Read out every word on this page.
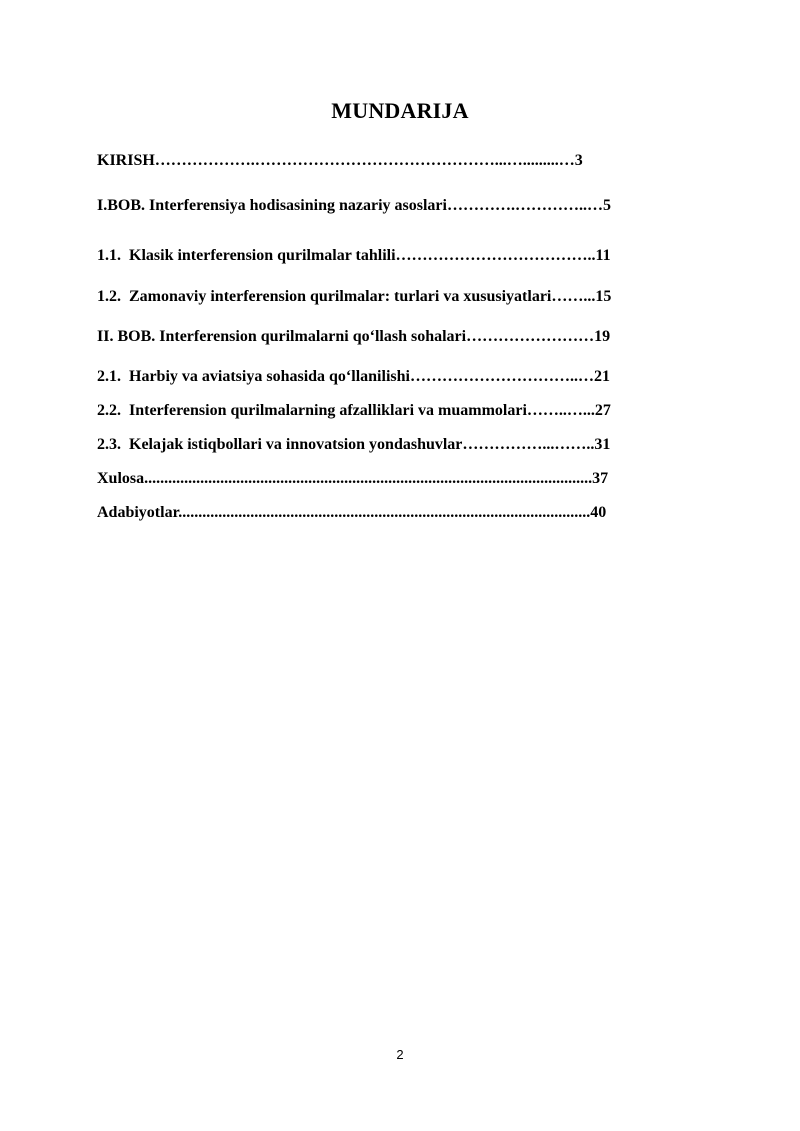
MUNDARIJA
KIRISH……………….………………………………………...….........…3
I.BOB. Interferensiya hodisasining nazariy asoslari………….…………..…5
1.1.  Klasik interferension qurilmalar tahlili………………………………..11
1.2.  Zamonaviy interferension qurilmalar: turlari va xususiyatlari……...15
II. BOB. Interferension qurilmalarni qo‘llash sohalari……………………19
2.1.  Harbiy va aviatsiya sohasida qo‘llanilishi…………………………..…21
2.2.  Interferension qurilmalarning afzalliklari va muammolari……..…...27
2.3.  Kelajak istiqbollari va innovatsion yondashuvlar……………...……..31
Xulosa................................................................................................................37
Adabiyotlar.......................................................................................................40
2
